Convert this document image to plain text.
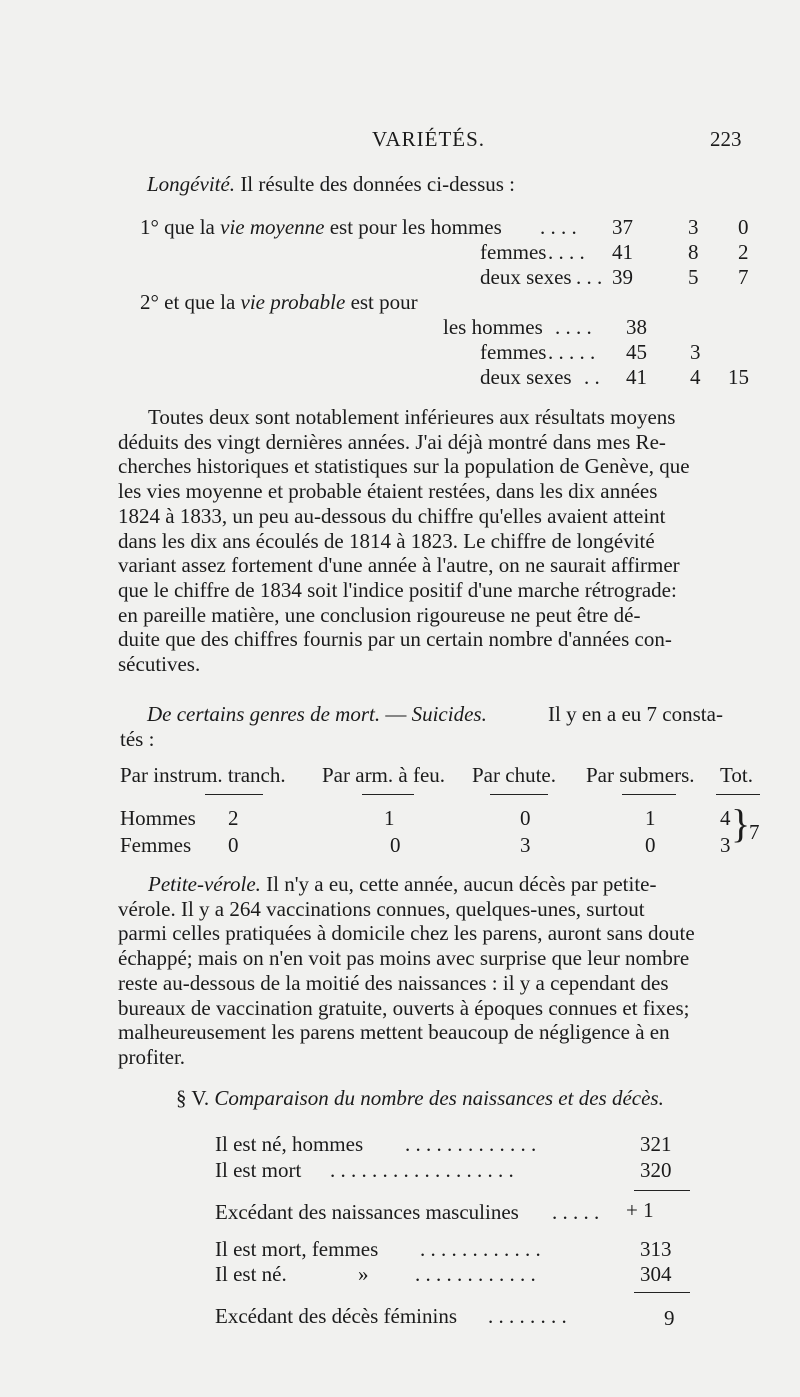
VARIÉTÉS.	223
Longévité. Il résulte des données ci-dessus :
1° que la vie moyenne est pour les hommes . . . . 37	3 0
femmes . . . . 41	8 2
deux sexes . . . 39	5 7
2° et que la vie probable est pour
les hommes . . . . 38
femmes . . . . . 45 3
deux sexes . . 41 4 15
Toutes deux sont notablement inférieures aux résultats moyens
déduits des vingt dernières années. J'ai déjà montré dans mes Re-
cherches historiques et statistiques sur la population de Genève, que
les vies moyenne et probable étaient restées, dans les dix années
1824 à 1833, un peu au-dessous du chiffre qu'elles avaient atteint
dans les dix ans écoulés de 1814 à 1823. Le chiffre de longévité
variant assez fortement d'une année à l'autre, on ne saurait affirmer
que le chiffre de 1834 soit l'indice positif d'une marche rétrograde:
en pareille matière, une conclusion rigoureuse ne peut être dé-
duite que des chiffres fournis par un certain nombre d'années con-
sécutives.
De certains genres de mort. — Suicides.	Il y en a eu 7 consta-
tés :
Par instrum. tranch. Par arm. à feu. Par chute. Par submers. Tot.
Hommes 2	1	0	1	4
Femmes 0	0	3	0	3 }
7
Petite-vérole. Il n'y a eu, cette année, aucun décès par petite-
vérole. Il y a 264 vaccinations connues, quelques-unes, surtout
parmi celles pratiquées à domicile chez les parens, auront sans doute
échappé; mais on n'en voit pas moins avec surprise que leur nombre
reste au-dessous de la moitié des naissances : il y a cependant des
bureaux de vaccination gratuite, ouverts à époques connues et fixes;
malheureusement les parens mettent beaucoup de négligence à en
profiter.
§ V. Comparaison du nombre des naissances et des décès.
Il est né, hommes . . . . . . . . . . . . .	321
Il est mort . . . . . . . . . . . . . . . . . .	320
Excédant des naissances masculines . . . . . + 1
Il est mort, femmes . . . . . . . . . . . .	313
Il est né.	» . . . . . . . . . . . .	304
Excédant des décès féminins . . . . . . . .	9
